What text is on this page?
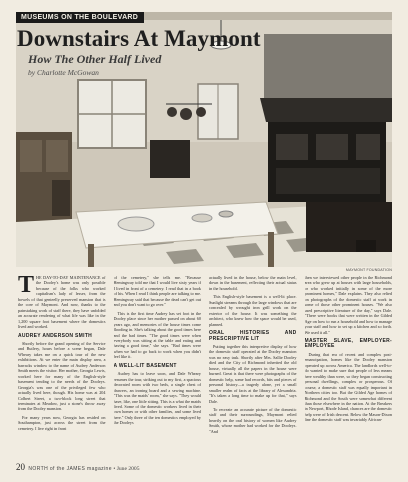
MUSEUMS ON THE BOULEVARD
Downstairs At Maymont
How The Other Half Lived
by Charlotte McGowan
MAYMONT FOUNDATION

THE DAY-TO-DAY MAINTENANCE of the Dooley's home was only possible because of the folks who worked capitalism's lady of lesser, from the bowels of that genteelly preserved mansion that is the core of Maymont. And now, thanks to the painstaking work of staff there, they have unfolded an accurate rendering of what life was like in the 1,200 square foot basement where the domestics lived and worked.

AUDREY ANDERSON SMITH

Shortly before the grand opening of the Service and Butlery, hours before a scene began, Dale Wheary takes me on a quick tour of the new exhibitions. At we enter the main display area, a barracks window to the name of Audrey Anderson Smith meets the visitor. Her mother, Georgia Lewis, worked here for many of the English-style basement tending to the needs of the Dooleys. Georgia's was one of the privileged few who actually lived here, though. His home was at 204 Colbert Street, a two-block long street that terminates at Meadow, just a stone's throw away from the Dooley mansion.

For many years now, Georgia has resided on Southampton, just across the street from the cemetery. I live right in front

of the cemetery," she tells me. "Because Hemingway told me that I would live sixty years if I lived in front of a cemetery. I read that in a book of his. When I read I think people are talking to me. Hemingway said that because the dead can't get out and you don't want to go over."

This is the first time Audrey has set foot in the Dooley place since her mother passed on about 60 years ago, and memories of the house times come flooding in. She's talking about the good times here and the bad times. "The good times were when everybody was sitting at the table and eating and having a good time," she says. "Bad times were when we had to go back to work when you didn't feel like it.

A WELL-LIT BASEMENT

Audrey has to leave soon, and Dale Wheary resumes the tour, striking out to my first, a spacious decorated room with two beds, a single chest of drawers, an ironing board and a sewing machine. "This was the maids' room," she says. "They would have, like, one little sitting. This is a what the maids lived. Some of the domestic workers lived in their own homes or with other families, and some lived here." Only three of the ten domestics employed by the Dooleys

actually lived in the house, below the main level, down in the basement, reflecting their actual status in the household.

This English-style basement is a well-lit place. Sunlight streams through the large windows that are concealed by wrought iron grill work on the exterior of the house. It was something the architect, who knew how the space would be used, planned.

ORAL HISTORIES AND PRESCRIPTIVE LIT

Putting together this interpretive display of how the domestic staff operated at the Dooley mansion was no easy task. Shortly after Mrs. Sallie Dooley died and the City of Richmond inherited the old house, virtually all the papers in the house were burned. Great is that there were photographs of the domestic help, some had records, bits and pieces of personal history—a tragedy alone, yet a small smaller realm of facts at the library of Alexandria. "It's taken a long time to make up for that," says Dale.

To recreate an accurate picture of the domestic staff and their surroundings, Maymont relied heavily on the oral history of women like Audrey Smith, whose mother had worked for the Dooleys. "And

then we interviewed other people in the Richmond area who grew up at houses with large households, or who worked initially in some of the more prominent homes," Dale explains. They also relied on photographs of the domestic staff at work in some of those other prominent houses. "We also used prescriptive literature of the day," says Dale. "There were books that were written in the Gilded Age on how to run a household and how to manage your staff and how to set up a kitchen and so forth. We used it all."

MASTER SLAVE, EMPLOYER-EMPLOYEE

During that era of recent and complex post-emancipation, homes like the Dooley mansion operated up across America. The landlords well-to-do wanted to make sure that people of less means here wealthy than were, so they began constructing personal dwellings, complex or prosperous. Of course, a domestic staff was equally important in Northern cities too. But the Gilded Age homes of Richmond and the South were somewhat different than those elsewhere in the nation. At the Breakers in Newport, Rhode Island, chances are the domestic help were of Irish descent. Below the Mason-Dixon line the domestic staff was invariably African-

20 NORTH of the JAMES magazine • June 2005
